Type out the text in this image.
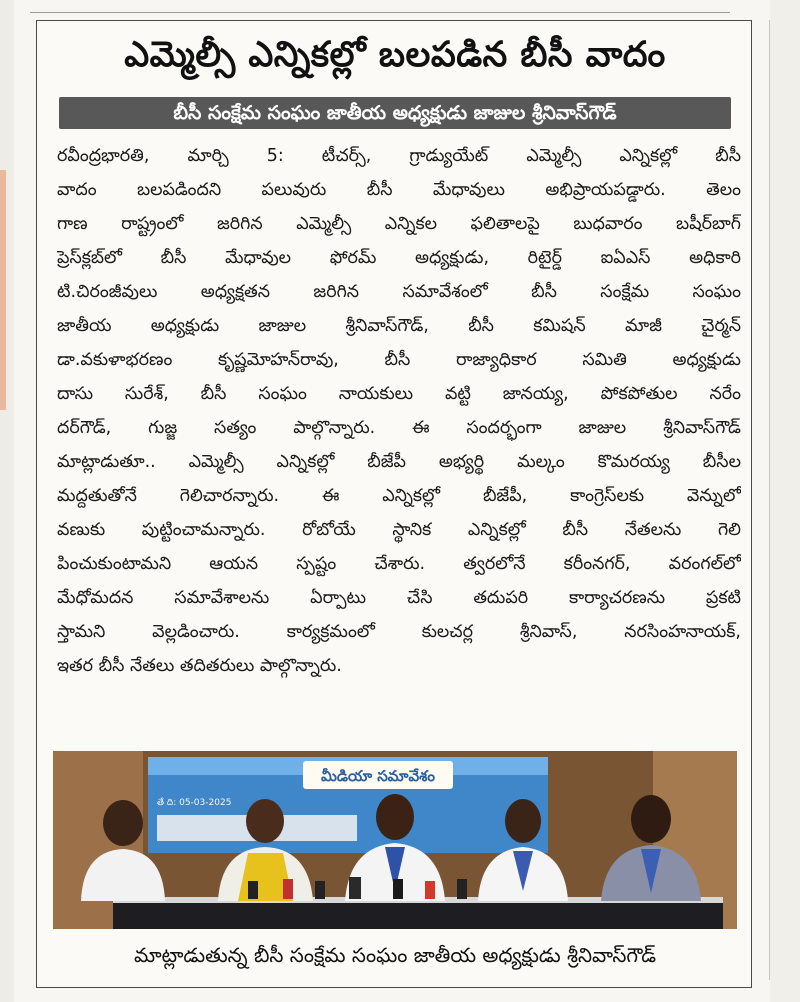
ఎమ్మెల్సీ ఎన్నికల్లో బలపడిన బీసీ వాదం
బీసీ సంక్షేమ సంఘం జాతీయ అధ్యక్షుడు జాజుల శ్రీనివాస్‌గౌడ్
రవీంద్రభారతి, మార్చి 5: టీచర్స్, గ్రాడ్యుయేట్ ఎమ్మెల్సీ ఎన్నికల్లో బీసీ
వాదం బలపడిందని పలువురు బీసీ మేధావులు అభిప్రాయపడ్డారు. తెలం
గాణ రాష్ట్రంలో జరిగిన ఎమ్మెల్సీ ఎన్నికల ఫలితాలపై బుధవారం బషీర్‌బాగ్
ప్రెస్‌క్లబ్‌లో బీసీ మేధావుల ఫోరమ్ అధ్యక్షుడు, రిటైర్డ్ ఐఏఎస్ అధికారి
టి.చిరంజీవులు అధ్యక్షతన జరిగిన సమావేశంలో బీసీ సంక్షేమ సంఘం
జాతీయ అధ్యక్షుడు జాజుల శ్రీనివాస్‌గౌడ్, బీసీ కమిషన్ మాజీ చైర్మన్
డా.వకుళాభరణం కృష్ణమోహన్‌రావు, బీసీ రాజ్యాధికార సమితి అధ్యక్షుడు
దాసు సురేశ్, బీసీ సంఘం నాయకులు వట్టి జానయ్య, పోకపోతుల నరేం
దర్‌గౌడ్, గుజ్జ సత్యం పాల్గొన్నారు. ఈ సందర్భంగా జాజుల శ్రీనివాస్‌గౌడ్
మాట్లాడుతూ.. ఎమ్మెల్సీ ఎన్నికల్లో బీజేపీ అభ్యర్థి మల్కం కొమరయ్య బీసీల
మద్దతుతోనే గెలిచారన్నారు. ఈ ఎన్నికల్లో బీజేపీ, కాంగ్రెస్‌లకు వెన్నులో
వణుకు పుట్టించామన్నారు. రోబోయే స్థానిక ఎన్నికల్లో బీసీ నేతలను గెలి
పించుకుంటామని ఆయన స్పష్టం చేశారు. త్వరలోనే కరీంనగర్, వరంగల్‌లో
మేధోమదన సమావేశాలను ఏర్పాటు చేసి తదుపరి కార్యాచరణను ప్రకటి
స్తామని వెల్లడించారు. కార్యక్రమంలో కులచర్ల శ్రీనివాస్, నరసింహనాయక్,
ఇతర బీసీ నేతలు తదితరులు పాల్గొన్నారు.
మీడియా సమావేశం
తే ది: 05-03-2025
మాట్లాడుతున్న బీసీ సంక్షేమ సంఘం జాతీయ అధ్యక్షుడు శ్రీనివాస్‌గౌడ్
